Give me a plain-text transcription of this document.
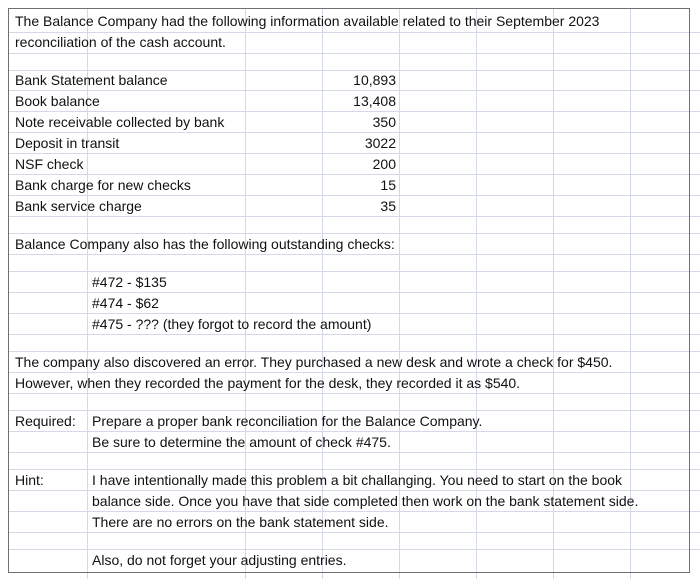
The Balance Company had the following information available related to their September 2023
reconciliation of the cash account.
Bank Statement balance	10,893
Book balance	13,408
Note receivable collected by bank	350
Deposit in transit	3022
NSF check	200
Bank charge for new checks	15
Bank service charge	35
Balance Company also has the following outstanding checks:
#472 - $135
#474 - $62
#475 - ??? (they forgot to record the amount)
The company also discovered an error. They purchased a new desk and wrote a check for $450.
However, when they recorded the payment for the desk, they recorded it as $540.
Required: Prepare a proper bank reconciliation for the Balance Company.
Be sure to determine the amount of check #475.
Hint:	I have intentionally made this problem a bit challanging. You need to start on the book
balance side. Once you have that side completed then work on the bank statement side.
There are no errors on the bank statement side.
Also, do not forget your adjusting entries.
